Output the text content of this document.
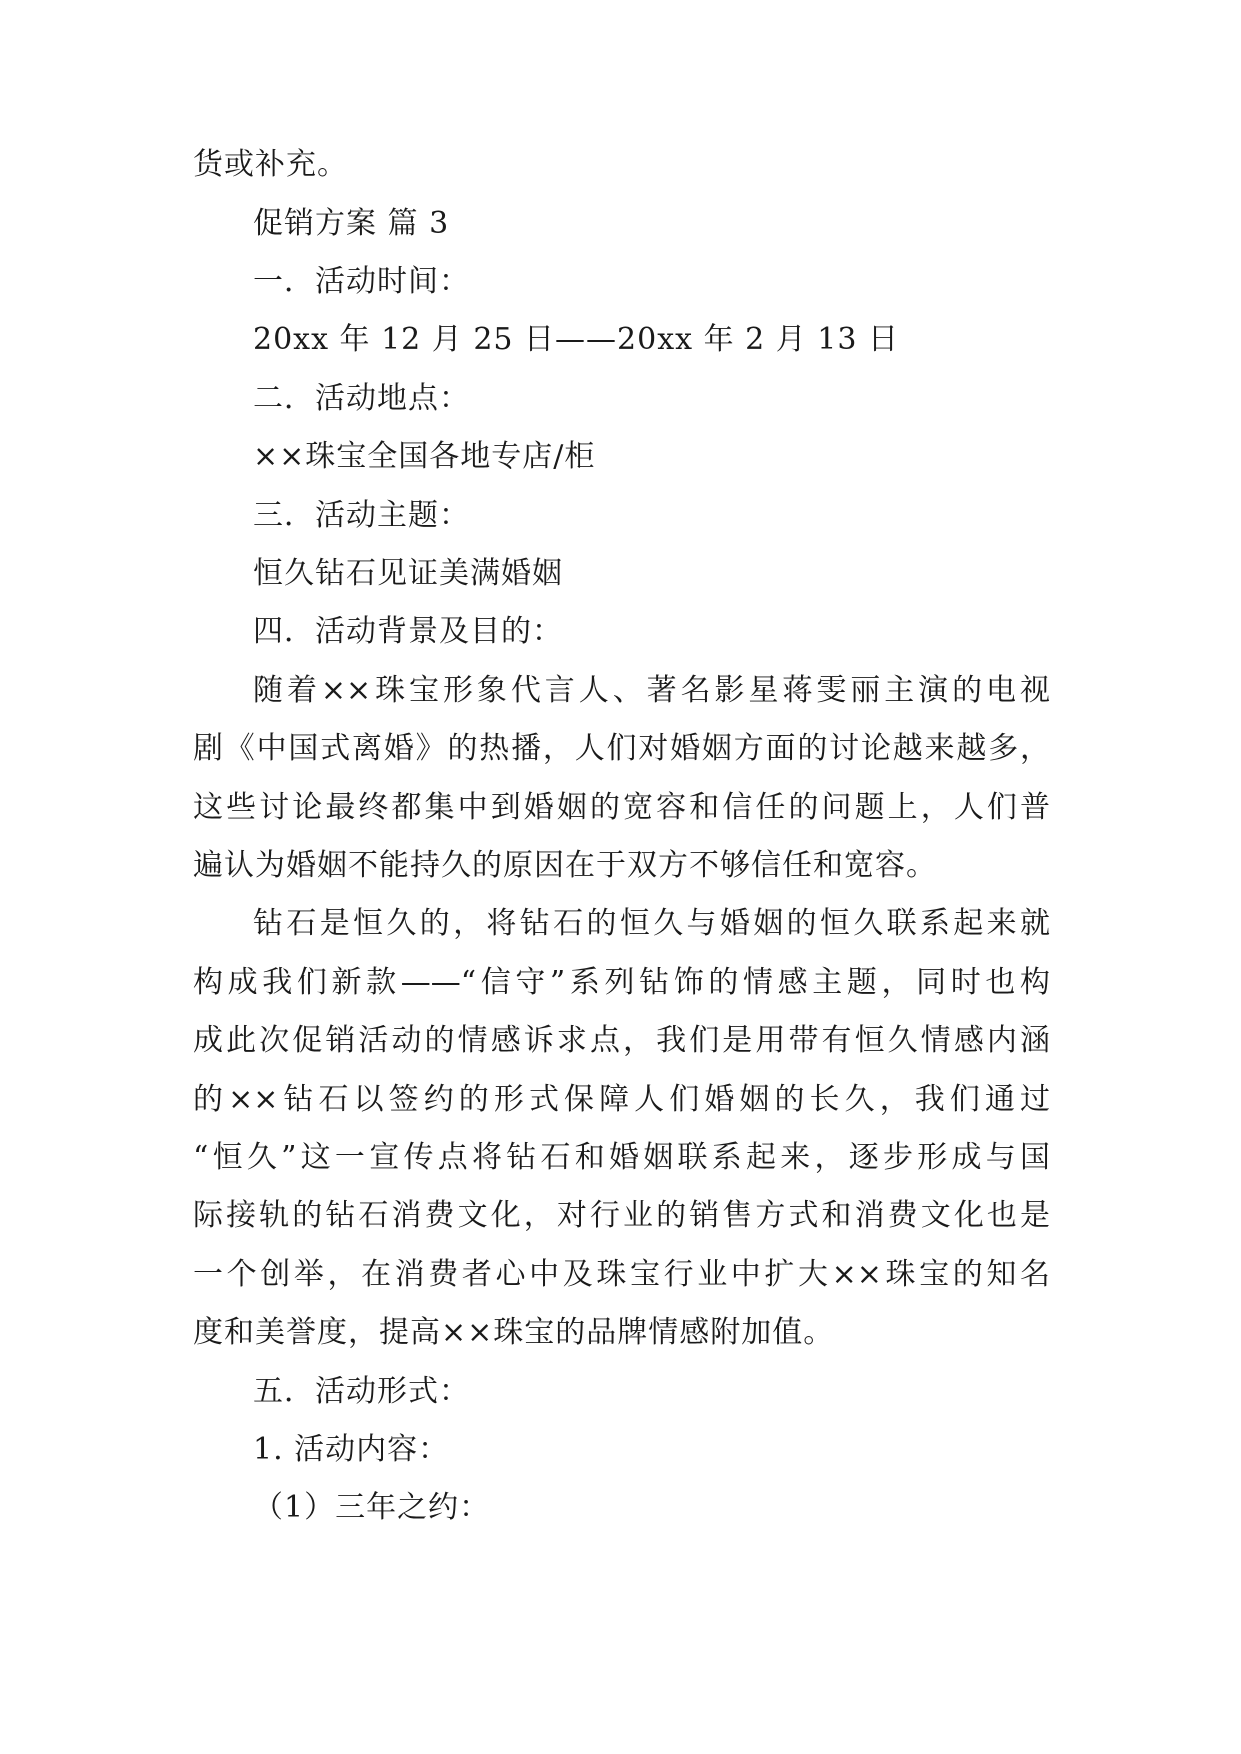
货或补充。
促销方案 篇 3
一．活动时间：
20xx 年 12 月 25 日——20xx 年 2 月 13 日
二．活动地点：
××珠宝全国各地专店/柜
三．活动主题：
恒久钻石见证美满婚姻
四．活动背景及目的：
随着××珠宝形象代言人、著名影星蒋雯丽主演的电视
剧《中国式离婚》的热播，人们对婚姻方面的讨论越来越多，
这些讨论最终都集中到婚姻的宽容和信任的问题上，人们普
遍认为婚姻不能持久的原因在于双方不够信任和宽容。
钻石是恒久的，将钻石的恒久与婚姻的恒久联系起来就
构成我们新款——“信守”系列钻饰的情感主题，同时也构
成此次促销活动的情感诉求点，我们是用带有恒久情感内涵
的××钻石以签约的形式保障人们婚姻的长久，我们通过
“恒久”这一宣传点将钻石和婚姻联系起来，逐步形成与国
际接轨的钻石消费文化，对行业的销售方式和消费文化也是
一个创举，在消费者心中及珠宝行业中扩大××珠宝的知名
度和美誉度，提高××珠宝的品牌情感附加值。
五．活动形式：
1. 活动内容：
（1）三年之约：
